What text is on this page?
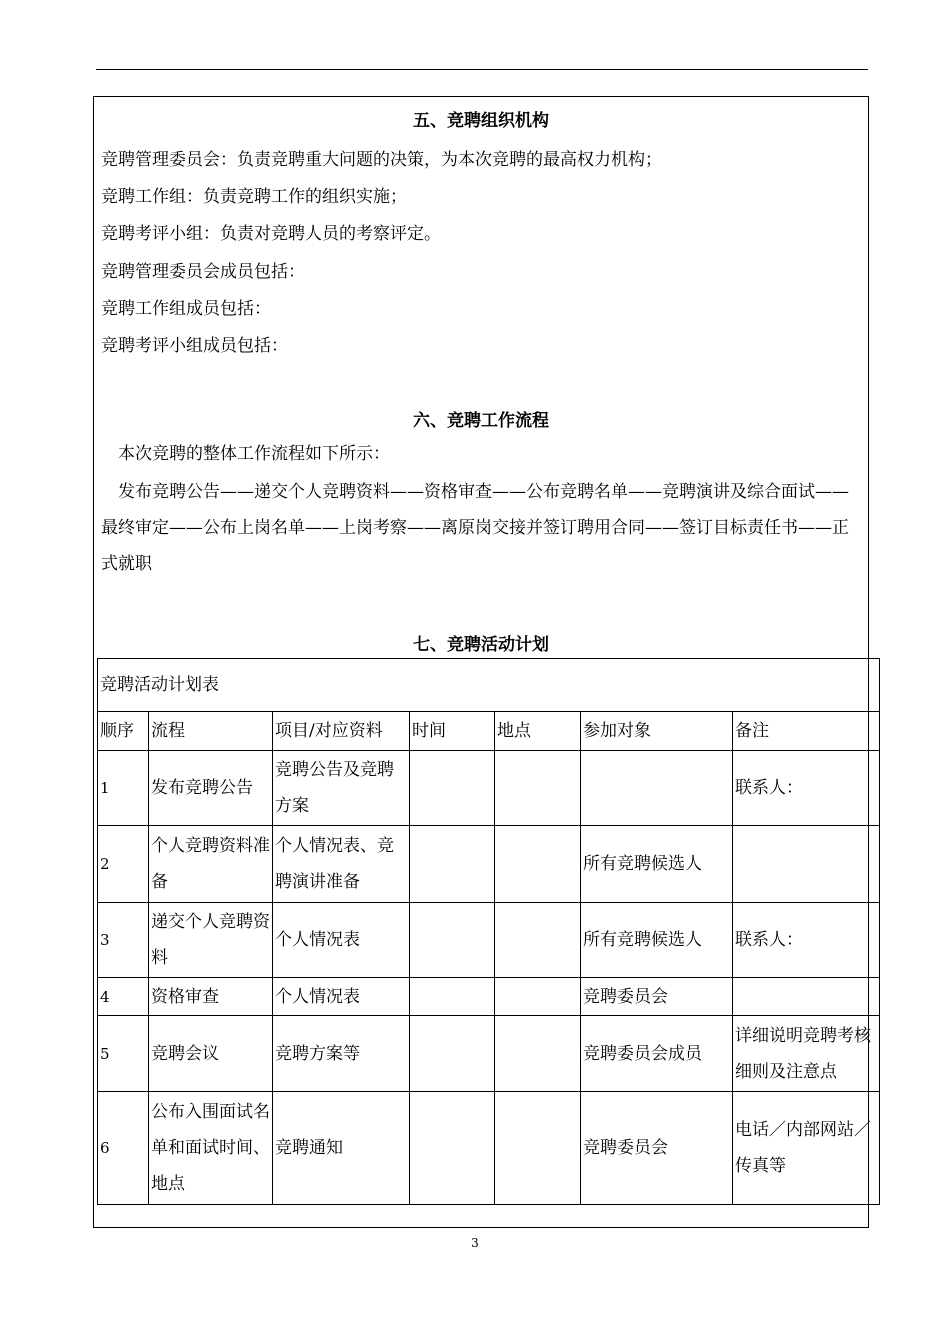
五、竞聘组织机构
竞聘管理委员会：负责竞聘重大问题的决策，为本次竞聘的最高权力机构；
竞聘工作组：负责竞聘工作的组织实施；
竞聘考评小组：负责对竞聘人员的考察评定。
竞聘管理委员会成员包括：
竞聘工作组成员包括：
竞聘考评小组成员包括：
六、竞聘工作流程
本次竞聘的整体工作流程如下所示：
发布竞聘公告——递交个人竞聘资料——资格审查——公布竞聘名单——竞聘演讲及综合面试——最终审定——公布上岗名单——上岗考察——离原岗交接并签订聘用合同——签订目标责任书——正式就职
七、竞聘活动计划
竞聘活动计划表						
顺序	流程	项目/对应资料	时间	地点	参加对象	备注
1	发布竞聘公告	竞聘公告及竞聘方案				联系人：
2	个人竞聘资料准备	个人情况表、竞聘演讲准备			所有竞聘候选人	
3	递交个人竞聘资料	个人情况表			所有竞聘候选人	联系人：
4	资格审查	个人情况表			竞聘委员会	
5	竞聘会议	竞聘方案等			竞聘委员会成员	详细说明竞聘考核细则及注意点
6	公布入围面试名单和面试时间、地点	竞聘通知			竞聘委员会	电话／内部网站／传真等
3
